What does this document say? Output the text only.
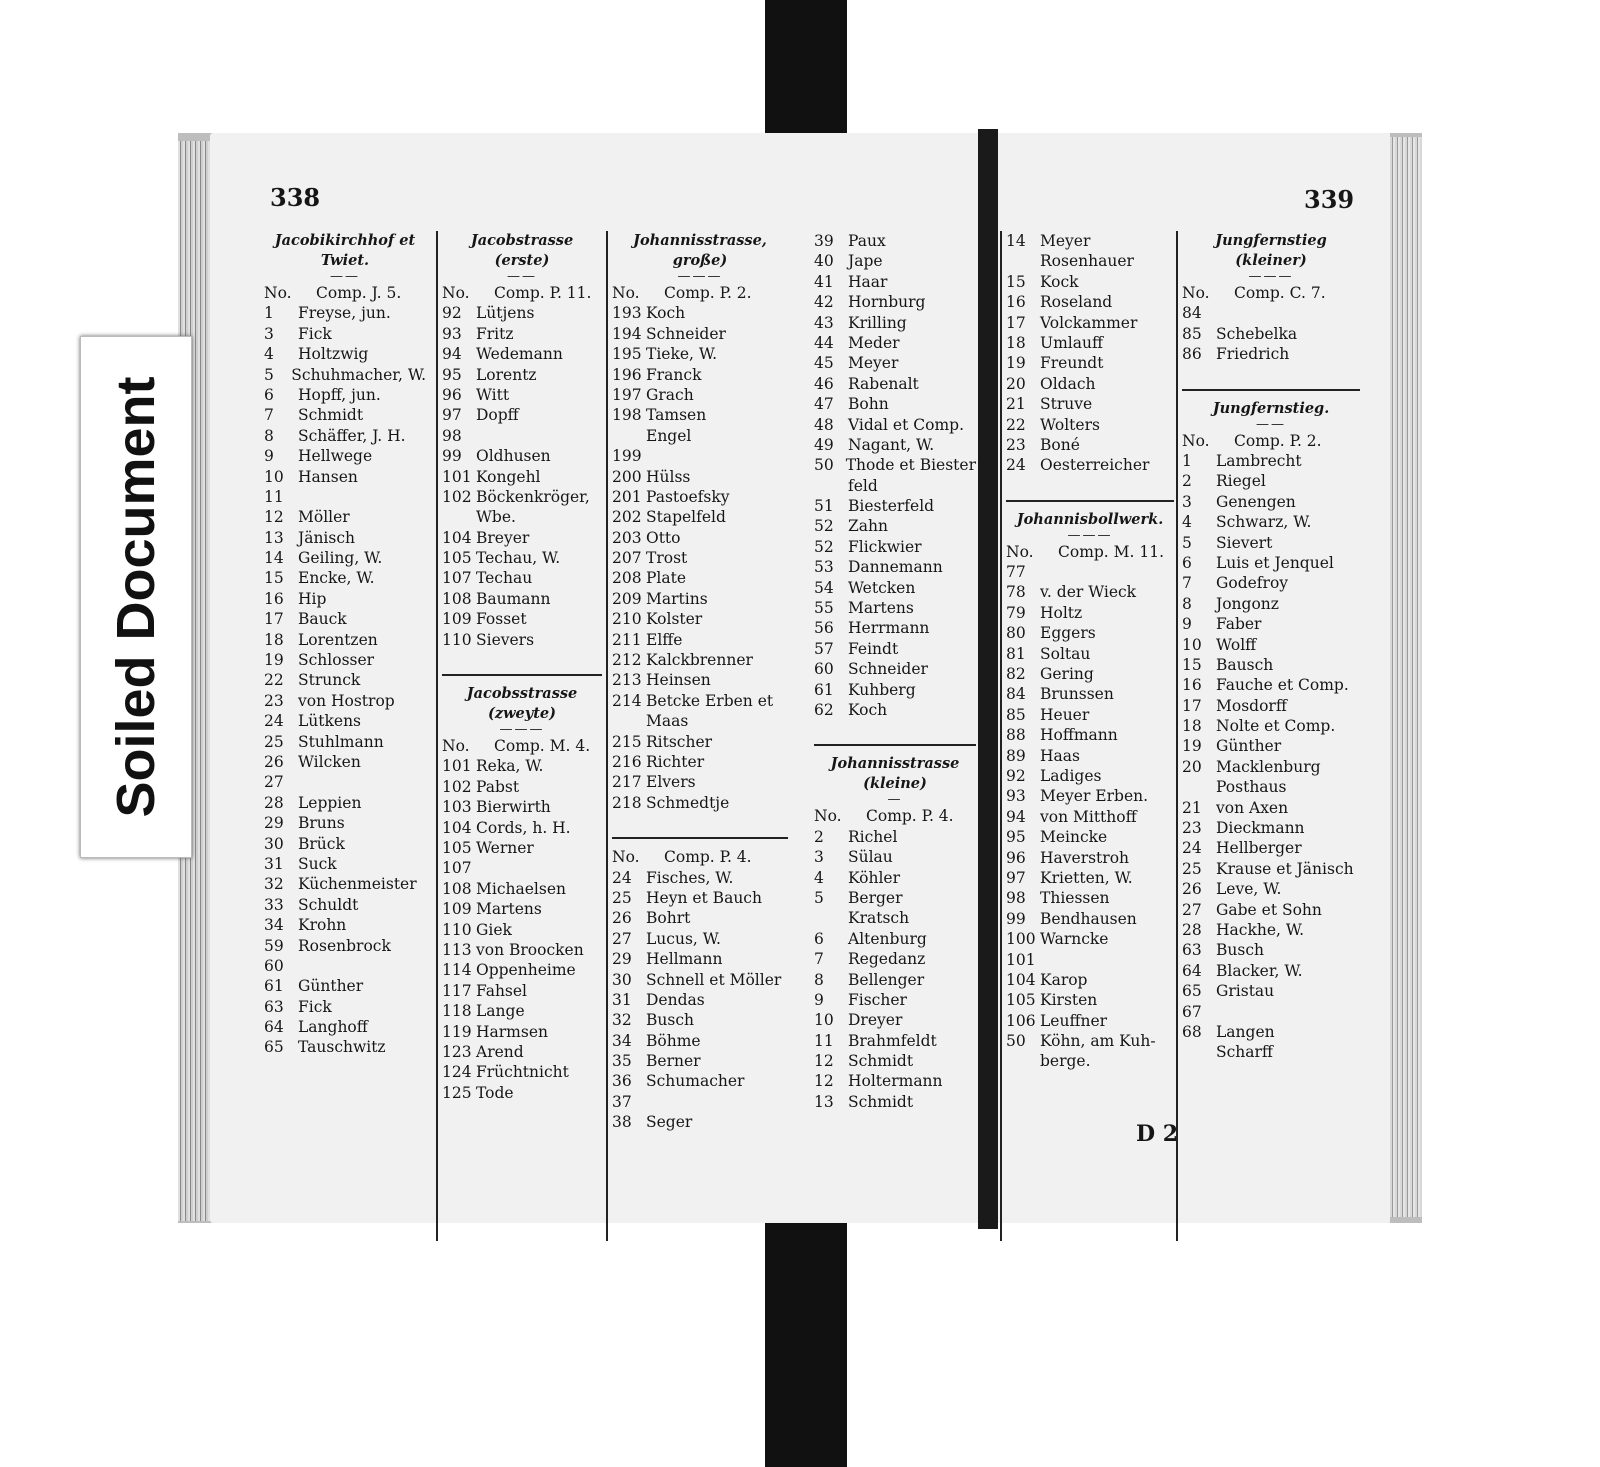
338	339
D 2
Jacobikirchhof et Twiet.
——
No.	Comp. J. 5.
1	Freyse, jun.
3	Fick
4	Holtzwig
5	Schuhmacher, W.
6	Hopff, jun.
7	Schmidt
8	Schäffer, J. H.
9	Hellwege
10 Hansen
11
12 Möller
13 Jänisch
14 Geiling, W.
15 Encke, W.
16 Hip
17 Bauck
18 Lorentzen
19 Schlosser
22 Strunck
23 von Hostrop
24 Lütkens
25 Stuhlmann
26 Wilcken
27
28 Leppien
29 Bruns
30 Brück
31 Suck
32 Küchenmeister
33 Schuldt
34 Krohn
59 Rosenbrock
60
61 Günther
63 Fick
64 Langhoff
65 Tauschwitz
Jacobstrasse (erste)
——
No.	Comp. P. 11.
92 Lütjens
93 Fritz
94 Wedemann
95 Lorentz
96 Witt
97 Dopff
98
99 Oldhusen
101 Kongehl
102 Böckenkröger,
Wbe.
104 Breyer
105 Techau, W.
107 Techau
108 Baumann
109 Fosset
110 Sievers
Jacobsstrasse (zweyte)
———
No.	Comp. M. 4.
101 Reka, W.
102 Pabst
103 Bierwirth
104 Cords, h. H.
105 Werner
107
108 Michaelsen
109 Martens
110 Giek
113 von Broocken
114 Oppenheime
117 Fahsel
118 Lange
119 Harmsen
123 Arend
124 Früchtnicht
125 Tode
Johannisstrasse, große)
———
No.	Comp. P. 2.
193 Koch
194 Schneider
195 Tieke, W.
196 Franck
197 Grach
198 Tamsen
Engel
199
200 Hülss
201 Pastoefsky
202 Stapelfeld
203 Otto
207 Trost
208 Plate
209 Martins
210 Kolster
211 Elffe
212 Kalckbrenner
213 Heinsen
214 Betcke Erben et
Maas
215 Ritscher
216 Richter
217 Elvers
218 Schmedtje
No.	Comp. P. 4.
24 Fisches, W.
25 Heyn et Bauch
26 Bohrt
27 Lucus, W.
29 Hellmann
30 Schnell et Möller
31 Dendas
32 Busch
34 Böhme
35 Berner
36 Schumacher
37
38 Seger
39 Paux
40 Jape
41 Haar
42 Hornburg
43 Krilling
44 Meder
45 Meyer
46 Rabenalt
47 Bohn
48 Vidal et Comp.
49 Nagant, W.
50 Thode et Biester
feld
51 Biesterfeld
52 Zahn
52 Flickwier
53 Dannemann
54 Wetcken
55 Martens
56 Herrmann
57 Feindt
60 Schneider
61 Kuhberg
62 Koch
Johannisstrasse (kleine)
—
No.	Comp. P. 4.
2	Richel
3	Sülau
4	Köhler
5	Berger
Kratsch
6	Altenburg
7	Regedanz
8	Bellenger
9	Fischer
10 Dreyer
11 Brahmfeldt
12 Schmidt
12 Holtermann
13 Schmidt
14 Meyer
Rosenhauer
15 Kock
16 Roseland
17 Volckammer
18 Umlauff
19 Freundt
20 Oldach
21 Struve
22 Wolters
23 Boné
24 Oesterreicher
Johannisbollwerk.
———
No.	Comp. M. 11.
77
78 v. der Wieck
79 Holtz
80 Eggers
81 Soltau
82 Gering
84 Brunssen
85 Heuer
88 Hoffmann
89 Haas
92 Ladiges
93 Meyer Erben.
94 von Mitthoff
95 Meincke
96 Haverstroh
97 Krietten, W.
98 Thiessen
99 Bendhausen
100 Warncke
101
104 Karop
105 Kirsten
106 Leuffner
50 Köhn, am Kuh-
berge.
Jungfernstieg (kleiner)
———
No.	Comp. C. 7.
84
85 Schebelka
86 Friedrich
Jungfernstieg.
——
No.	Comp. P. 2.
1	Lambrecht
2	Riegel
3	Genengen
4	Schwarz, W.
5	Sievert
6	Luis et Jenquel
7	Godefroy
8	Jongonz
9	Faber
10 Wolff
15 Bausch
16 Fauche et Comp.
17 Mosdorff
18 Nolte et Comp.
19 Günther
20 Macklenburg
Posthaus
21 von Axen
23 Dieckmann
24 Hellberger
25 Krause et Jänisch
26 Leve, W.
27 Gabe et Sohn
28 Hackhe, W.
63 Busch
64 Blacker, W.
65 Gristau
67
68 Langen
Scharff
Soiled Document
